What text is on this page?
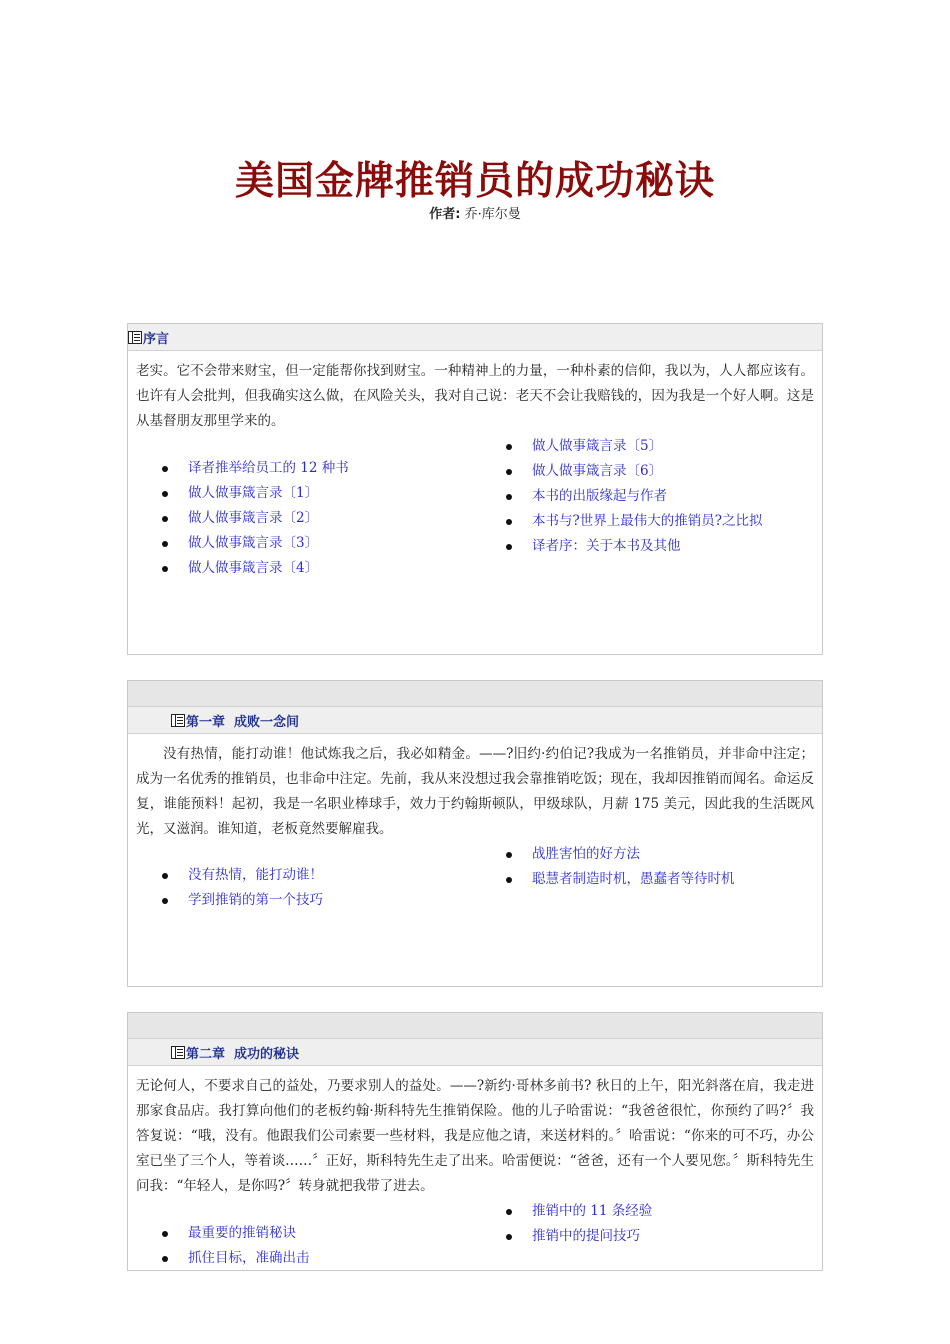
美国金牌推销员的成功秘诀
作者: 乔·库尔曼
序言
老实。它不会带来财宝，但一定能帮你找到财宝。一种精神上的力量，一种朴素的信仰，我以为，人人都应该有。也许有人会批判，但我确实这么做，在风险关头，我对自己说：老天不会让我赔钱的，因为我是一个好人啊。这是从基督朋友那里学来的。
译者推举给员工的 12 种书
做人做事箴言录〔1〕
做人做事箴言录〔2〕
做人做事箴言录〔3〕
做人做事箴言录〔4〕
做人做事箴言录〔5〕
做人做事箴言录〔6〕
本书的出版缘起与作者
本书与?世界上最伟大的推销员?之比拟
译者序：关于本书及其他
第一章  成败一念间
没有热情，能打动谁！他试炼我之后，我必如精金。——?旧约·约伯记?我成为一名推销员，并非命中注定；成为一名优秀的推销员，也非命中注定。先前，我从来没想过我会靠推销吃饭；现在，我却因推销而闻名。命运反复，谁能预料！起初，我是一名职业棒球手，效力于约翰斯顿队，甲级球队，月薪 175 美元，因此我的生活既风光，又滋润。谁知道，老板竟然要解雇我。
没有热情，能打动谁！
学到推销的第一个技巧
战胜害怕的好方法
聪慧者制造时机，愚蠢者等待时机
第二章  成功的秘诀
无论何人，不要求自己的益处，乃要求别人的益处。——?新约·哥林多前书? 秋日的上午，阳光斜落在肩，我走进那家食品店。我打算向他们的老板约翰·斯科特先生推销保险。他的儿子哈雷说：“我爸爸很忙，你预约了吗?〞我答复说：“哦，没有。他跟我们公司索要一些材料，我是应他之请，来送材料的。〞哈雷说：“你来的可不巧，办公室已坐了三个人，等着谈……〞正好，斯科特先生走了出来。哈雷便说：“爸爸，还有一个人要见您。〞斯科特先生问我：“年轻人，是你吗?〞转身就把我带了进去。
最重要的推销秘诀
抓住目标，准确出击
推销中的 11 条经验
推销中的提问技巧
